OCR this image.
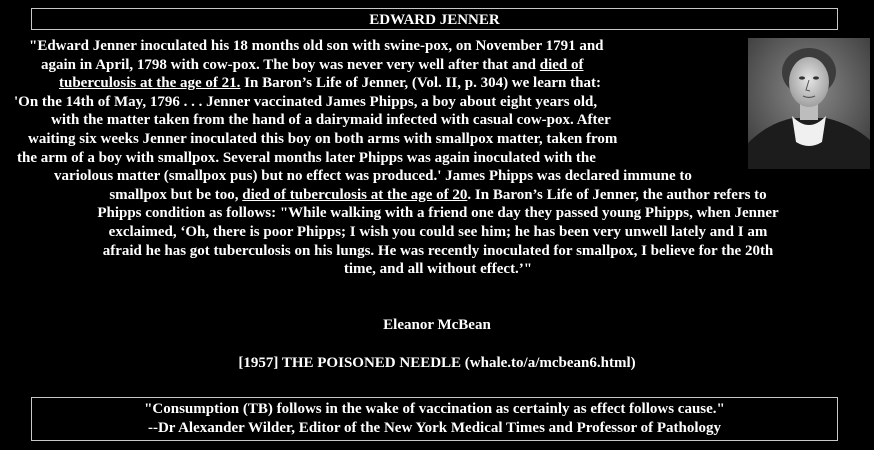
EDWARD JENNER
"Edward Jenner inoculated his 18 months old son with swine-pox, on November 1791 and
again in April, 1798 with cow-pox. The boy was never very well after that and died of
tuberculosis at the age of 21. In Baron’s Life of Jenner, (Vol. II, p. 304) we learn that:
'On the 14th of May, 1796 . . . Jenner vaccinated James Phipps, a boy about eight years old,
with the matter taken from the hand of a dairymaid infected with casual cow-pox. After
waiting six weeks Jenner inoculated this boy on both arms with smallpox matter, taken from
the arm of a boy with smallpox. Several months later Phipps was again inoculated with the
variolous matter (smallpox pus) but no effect was produced.' James Phipps was declared immune to
smallpox but be too, died of tuberculosis at the age of 20. In Baron’s Life of Jenner, the author refers to
Phipps condition as follows: "While walking with a friend one day they passed young Phipps, when Jenner
exclaimed, ‘Oh, there is poor Phipps; I wish you could see him; he has been very unwell lately and I am
afraid he has got tuberculosis on his lungs. He was recently inoculated for smallpox, I believe for the 20th
time, and all without effect.’"
Eleanor McBean
[1957] THE POISONED NEEDLE (whale.to/a/mcbean6.html)
"Consumption (TB) follows in the wake of vaccination as certainly as effect follows cause."
--Dr Alexander Wilder, Editor of the New York Medical Times and Professor of Pathology
